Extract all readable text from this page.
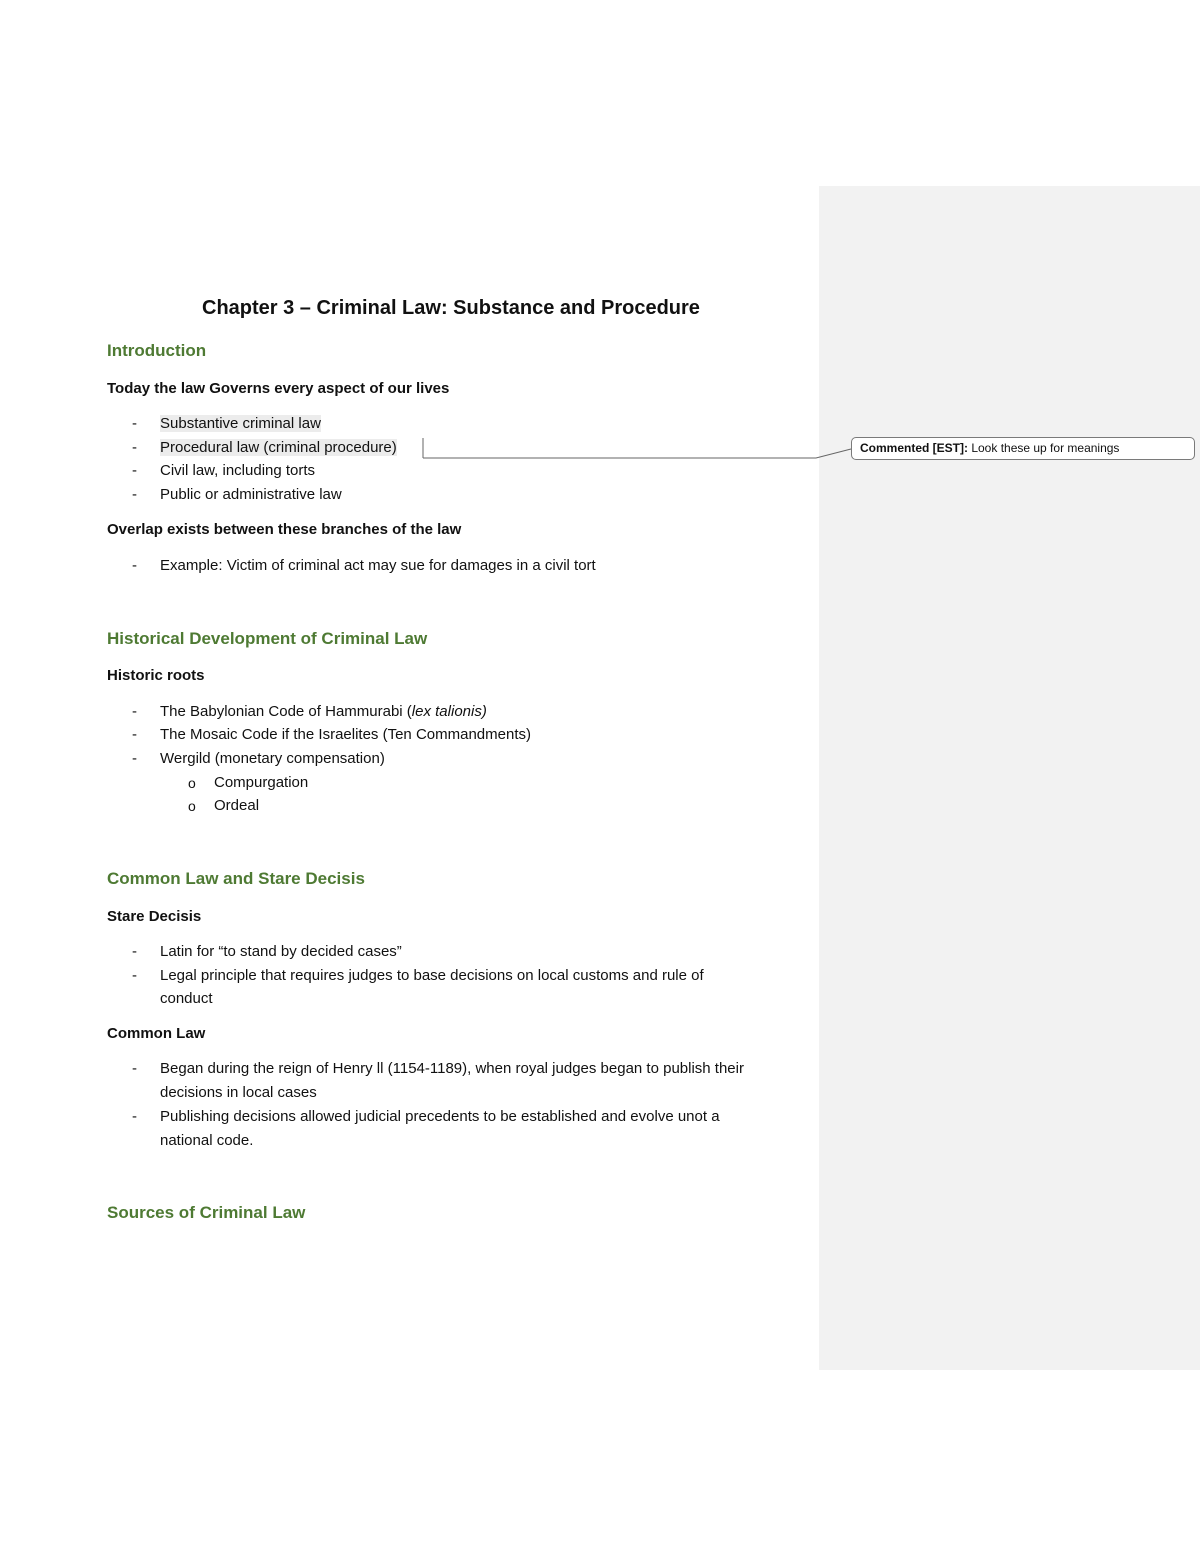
Chapter 3 – Criminal Law: Substance and Procedure
Introduction
Today the law Governs every aspect of our lives
- Substantive criminal law
- Procedural law (criminal procedure)
- Civil law, including torts
- Public or administrative law
Overlap exists between these branches of the law
- Example: Victim of criminal act may sue for damages in a civil tort
Historical Development of Criminal Law
Historic roots
- The Babylonian Code of Hammurabi (lex talionis)
- The Mosaic Code if the Israelites (Ten Commandments)
- Wergild (monetary compensation)
o Compurgation
o Ordeal
Common Law and Stare Decisis
Stare Decisis
- Latin for “to stand by decided cases”
- Legal principle that requires judges to base decisions on local customs and rule of
conduct
Common Law
- Began during the reign of Henry ll (1154-1189), when royal judges began to publish their
decisions in local cases
- Publishing decisions allowed judicial precedents to be established and evolve unot a
national code.
Sources of Criminal Law
Commented [EST]: Look these up for meanings
